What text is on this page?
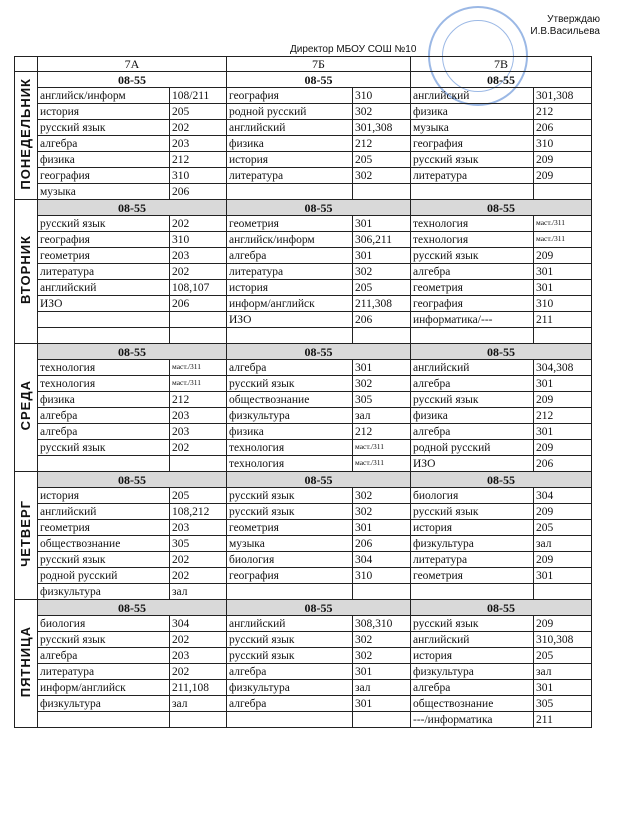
Утверждаю
И.В.Васильева
Директор МБОУ СОШ №10
	7А		7Б		7В	
ПОНЕДЕЛЬНИК	08-55		08-55		08-55	
	английск/информ	108/211	география	310	английский	301,308
	история	205	родной русский	302	физика	212
	русский язык	202	английский	301,308	музыка	206
	алгебра	203	физика	212	география	310
	физика	212	история	205	русский язык	209
	география	310	литература	302	литература	209
	музыка	206				
ВТОРНИК	08-55		08-55		08-55	
	русский язык	202	геометрия	301	технология	маст./311
	география	310	английск/информ	306,211	технология	маст./311
	геометрия	203	алгебра	301	русский язык	209
	литература	202	литература	302	алгебра	301
	английский	108,107	история	205	геометрия	301
	ИЗО	206	информ/английск	211,308	география	310
			ИЗО	206	информатика/---	211

СРЕДА	08-55		08-55		08-55	
	технология	маст./311	алгебра	301	английский	304,308
	технология	маст./311	русский язык	302	алгебра	301
	физика	212	обществознание	305	русский язык	209
	алгебра	203	физкультура	зал	физика	212
	алгебра	203	физика	212	алгебра	301
	русский язык	202	технология	маст./311	родной русский	209
			технология	маст./311	ИЗО	206
ЧЕТВЕРГ	08-55		08-55		08-55	
	история	205	русский язык	302	биология	304
	английский	108,212	русский язык	302	русский язык	209
	геометрия	203	геометрия	301	история	205
	обществознание	305	музыка	206	физкультура	зал
	русский язык	202	биология	304	литература	209
	родной русский	202	география	310	геометрия	301
	физкультура	зал				
ПЯТНИЦА	08-55		08-55		08-55	
	биология	304	английский	308,310	русский язык	209
	русский язык	202	русский язык	302	английский	310,308
	алгебра	203	русский язык	302	история	205
	литература	202	алгебра	301	физкультура	зал
	информ/английск	211,108	физкультура	зал	алгебра	301
	физкультура	зал	алгебра	301	обществознание	305
					---/информатика	211
